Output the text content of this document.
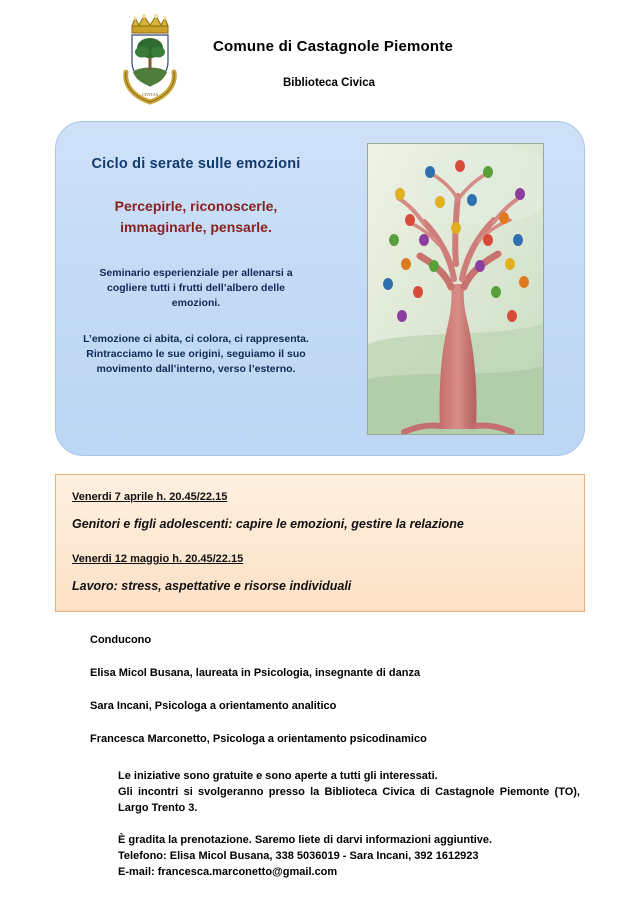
CIVITAS
Comune di Castagnole Piemonte
Biblioteca Civica
Ciclo di serate sulle emozioni
Percepirle, riconoscerle,
immaginarle, pensarle.
Seminario esperienziale per allenarsi a cogliere tutti i frutti dell’albero delle emozioni.
L’emozione ci abita, ci colora, ci rappresenta. Rintracciamo le sue origini, seguiamo il suo movimento dall’interno, verso l’esterno.
Venerdi 7 aprile h. 20.45/22.15
Genitori e figli adolescenti: capire le emozioni, gestire la relazione
Venerdi 12 maggio h. 20.45/22.15
Lavoro: stress, aspettative e risorse individuali
Conducono
Elisa Micol Busana, laureata in Psicologia, insegnante di danza
Sara Incani, Psicologa a orientamento analitico
Francesca Marconetto, Psicologa a orientamento psicodinamico

Le iniziative sono gratuite e sono aperte a tutti gli interessati.

Gli incontri si svolgeranno presso la Biblioteca Civica di Castagnole Piemonte (TO), Largo Trento 3.

È gradita la prenotazione. Saremo liete di darvi informazioni aggiuntive.

Telefono: Elisa Micol Busana, 338 5036019 - Sara Incani, 392 1612923

E-mail: francesca.marconetto@gmail.com
